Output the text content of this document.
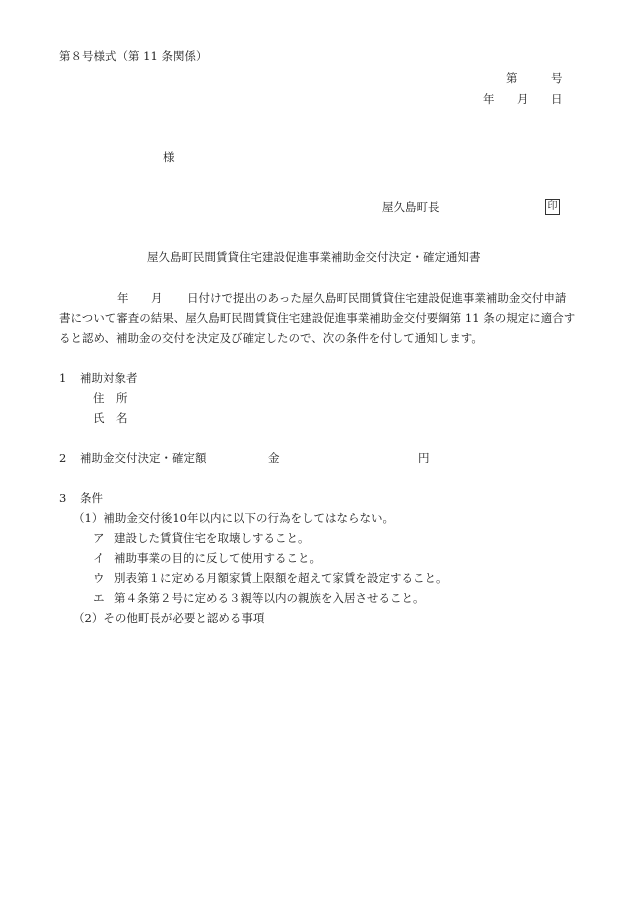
第８号様式（第 11 条関係）
第	号
年 月 日
様
屋久島町長	印
屋久島町民間賃貸住宅建設促進事業補助金交付決定・確定通知書
年 月 日付けで提出のあった屋久島町民間賃貸住宅建設促進事業補助金交付申請
書について審査の結果、屋久島町民間賃貸住宅建設促進事業補助金交付要綱第 11 条の規定に適合す
ると認め、補助金の交付を決定及び確定したので、次の条件を付して通知します。
1 補助対象者
住　所
氏　名
2 補助金交付決定・確定額	金	円
3 条件
（1）補助金交付後10年以内に以下の行為をしてはならない。
ア 建設した賃貸住宅を取壊しすること。
イ 補助事業の目的に反して使用すること。
ウ 別表第１に定める月額家賃上限額を超えて家賃を設定すること。
エ 第４条第２号に定める３親等以内の親族を入居させること。
（2）その他町長が必要と認める事項
